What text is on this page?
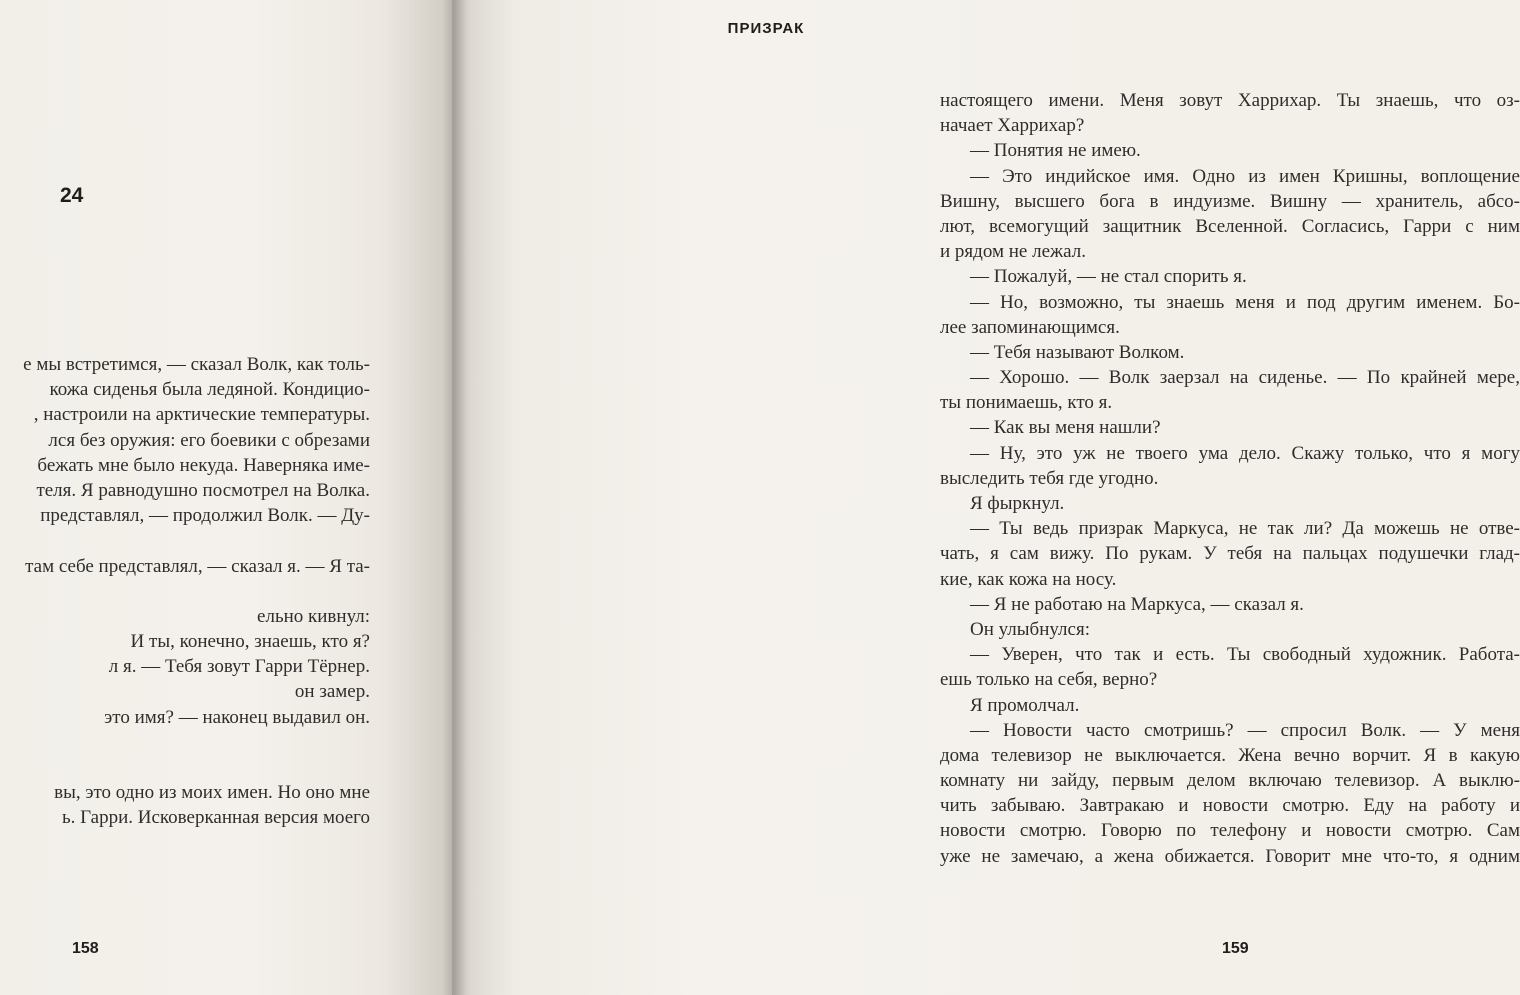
24
е мы встретимся, — сказал Волк, как толь-
кожа сиденья была ледяной. Кондицио-
, настроили на арктические температуры.
лся без оружия: его боевики с обрезами
бежать мне было некуда. Наверняка име-
теля. Я равнодушно посмотрел на Волка.
представлял, — продолжил Волк. — Ду-
там себе представлял, — сказал я. — Я та-
ельно кивнул:
И ты, конечно, знаешь, кто я?
л я. — Тебя зовут Гарри Тёрнер.
он замер.
это имя? — наконец выдавил он.
вы, это одно из моих имен. Но оно мне
ь. Гарри. Исковерканная версия моего
158
ПРИЗРАК
настоящего имени. Меня зовут Харрихар. Ты знаешь, что оз-
начает Харрихар?
— Понятия не имею.
— Это индийское имя. Одно из имен Кришны, воплощение
Вишну, высшего бога в индуизме. Вишну — хранитель, абсо-
лют, всемогущий защитник Вселенной. Согласись, Гарри с ним
и рядом не лежал.
— Пожалуй, — не стал спорить я.
— Но, возможно, ты знаешь меня и под другим именем. Бо-
лее запоминающимся.
— Тебя называют Волком.
— Хорошо. — Волк заерзал на сиденье. — По крайней мере,
ты понимаешь, кто я.
— Как вы меня нашли?
— Ну, это уж не твоего ума дело. Скажу только, что я могу
выследить тебя где угодно.
Я фыркнул.
— Ты ведь призрак Маркуса, не так ли? Да можешь не отве-
чать, я сам вижу. По рукам. У тебя на пальцах подушечки глад-
кие, как кожа на носу.
— Я не работаю на Маркуса, — сказал я.
Он улыбнулся:
— Уверен, что так и есть. Ты свободный художник. Работа-
ешь только на себя, верно?
Я промолчал.
— Новости часто смотришь? — спросил Волк. — У меня
дома телевизор не выключается. Жена вечно ворчит. Я в какую
комнату ни зайду, первым делом включаю телевизор. А выклю-
чить забываю. Завтракаю и новости смотрю. Еду на работу и
новости смотрю. Говорю по телефону и новости смотрю. Сам
уже не замечаю, а жена обижается. Говорит мне что-то, я одним
159
